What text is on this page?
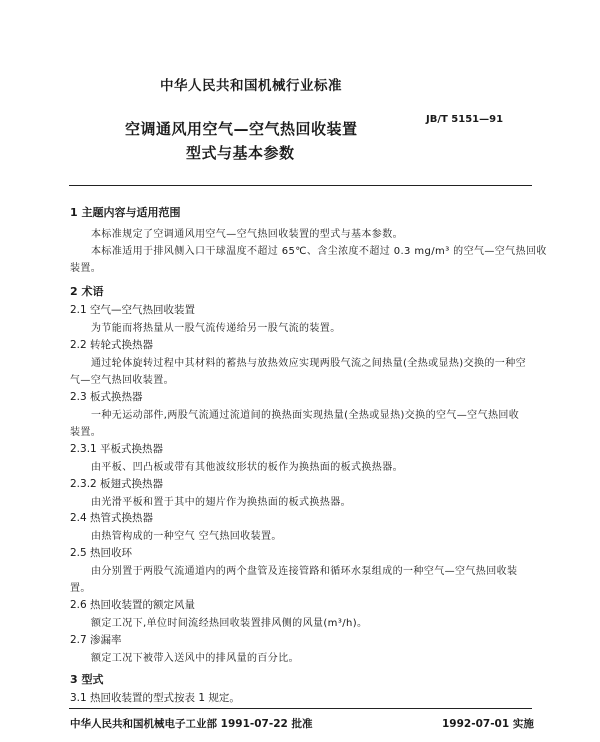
中华人民共和国机械行业标准
JB/T 5151—91
空调通风用空气—空气热回收装置
型式与基本参数
1 主题内容与适用范围
本标准规定了空调通风用空气—空气热回收装置的型式与基本参数。
本标准适用于排风侧入口干球温度不超过 65℃、含尘浓度不超过 0.3 mg/m³ 的空气—空气热回收
装置。
2 术语
2.1 空气—空气热回收装置
为节能而将热量从一股气流传递给另一股气流的装置。
2.2 转轮式换热器
通过轮体旋转过程中其材料的蓄热与放热效应实现两股气流之间热量(全热或显热)交换的一种空
气—空气热回收装置。
2.3 板式换热器
一种无运动部件,两股气流通过流道间的换热面实现热量(全热或显热)交换的空气—空气热回收
装置。
2.3.1 平板式换热器
由平板、凹凸板或带有其他波纹形状的板作为换热面的板式换热器。
2.3.2 板翅式换热器
由光滑平板和置于其中的翅片作为换热面的板式换热器。
2.4 热管式换热器
由热管构成的一种空气 空气热回收装置。
2.5 热回收环
由分别置于两股气流通道内的两个盘管及连接管路和循环水泵组成的一种空气—空气热回收装
置。
2.6 热回收装置的额定风量
额定工况下,单位时间流经热回收装置排风侧的风量(m³/h)。
2.7 渗漏率
额定工况下被带入送风中的排风量的百分比。
3 型式
3.1 热回收装置的型式按表 1 规定。
中华人民共和国机械电子工业部 1991-07-22 批准	1992-07-01 实施
